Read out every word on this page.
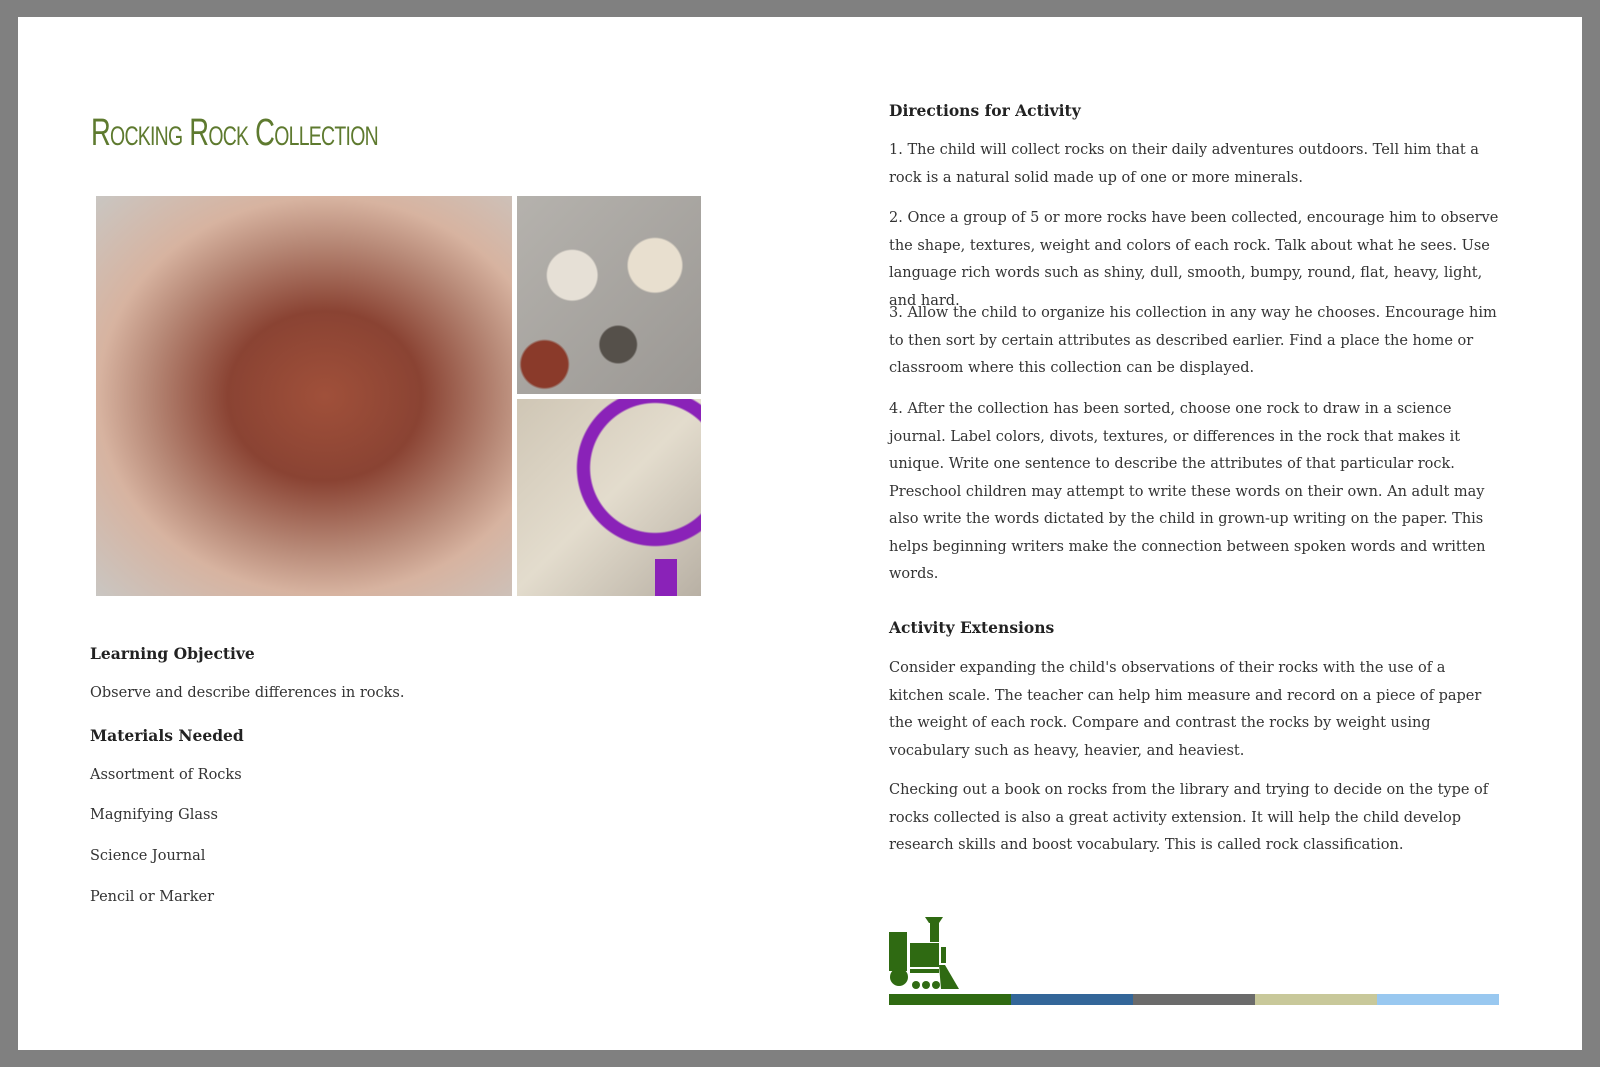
Rocking Rock Collection
Learning Objective
Observe and describe differences in rocks.
Materials Needed
Assortment of Rocks
Magnifying Glass
Science Journal
Pencil or Marker
Directions for Activity
1. The child will collect rocks on their daily adventures outdoors. Tell him that a rock is a natural solid made up of one or more minerals.
2. Once a group of 5 or more rocks have been collected, encourage him to observe the shape, textures, weight and colors of each rock. Talk about what he sees. Use language rich words such as shiny, dull, smooth, bumpy, round, flat, heavy, light, and hard.
3. Allow the child to organize his collection in any way he chooses. Encourage him to then sort by certain attributes as described earlier. Find a place the home or classroom where this collection can be displayed.
4. After the collection has been sorted, choose one rock to draw in a science journal. Label colors, divots, textures, or differences in the rock that makes it unique. Write one sentence to describe the attributes of that particular rock. Preschool children may attempt to write these words on their own. An adult may also write the words dictated by the child in grown-up writing on the paper. This helps beginning writers make the connection between spoken words and written words.
Activity Extensions
Consider expanding the child's observations of their rocks with the use of a kitchen scale. The teacher can help him measure and record on a piece of paper the weight of each rock. Compare and contrast the rocks by weight using vocabulary such as heavy, heavier, and heaviest.
Checking out a book on rocks from the library and trying to decide on the type of rocks collected is also a great activity extension. It will help the child develop research skills and boost vocabulary. This is called rock classification.
